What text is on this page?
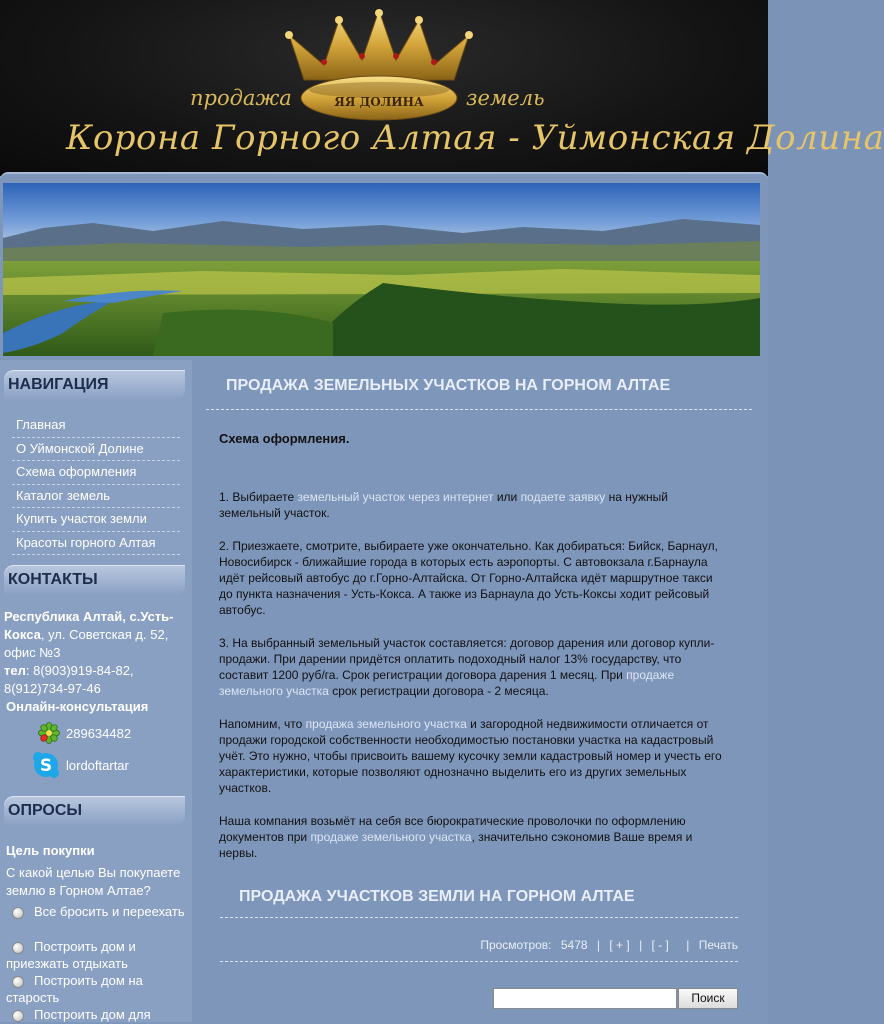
ЯЯ ДОЛИНА
продажа	земель
Корона Горного Алтая - Уймонская Долина
НАВИГАЦИЯ
Главная
О Уймонской Долине
Схема оформления
Каталог земель
Купить участок земли
Красоты горного Алтая
КОНТАКТЫ
Республика Алтай, с.Усть-Кокса, ул. Советская д. 52, офис №3
тел: 8(903)919-84-82, 8(912)734-97-46
Онлайн-консультация
289634482
S lordoftartar
ОПРОСЫ
Цель покупки
С какой целью Вы покупаете землю в Горном Алтае?
Все бросить и переехать
Построить дом и приезжать отдыхать
Построить дом на старость
Построить дом для
ПРОДАЖА ЗЕМЕЛЬНЫХ УЧАСТКОВ НА ГОРНОМ АЛТАЕ

Схема оформления.

1. Выбираете земельный участок через интернет или подаете заявку на нужный земельный участок.

2. Приезжаете, смотрите, выбираете уже окончательно. Как добираться: Бийск, Барнаул, Новосибирск - ближайшие города в которых есть аэропорты. С автовокзала г.Барнаула идёт рейсовый автобус до г.Горно-Алтайска. От Горно-Алтайска идёт маршрутное такси до пункта назначения - Усть-Кокса. А также из Барнаула до Усть-Коксы ходит рейсовый автобус.

3. На выбранный земельный участок составляется: договор дарения или договор купли-продажи. При дарении придётся оплатить подоходный налог 13% государству, что составит 1200 руб/га. Срок регистрации договора дарения 1 месяц. При продаже земельного участка срок регистрации договора - 2 месяца.

Напомним, что продажа земельного участка и загородной недвижимости отличается от продажи городской собственности необходимостью постановки участка на кадастровый учёт. Это нужно, чтобы присвоить вашему кусочку земли кадастровый номер и учесть его характеристики, которые позволяют однозначно выделить его из других земельных участков.

Наша компания возьмёт на себя все бюрократические проволочки по оформлению документов при продаже земельного участка, значительно сэкономив Ваше время и нервы.

ПРОДАЖА УЧАСТКОВ ЗЕМЛИ НА ГОРНОМ АЛТАЕ
Просмотров: 5478 | [ + ] | [ - ] | Печать
Поиск
